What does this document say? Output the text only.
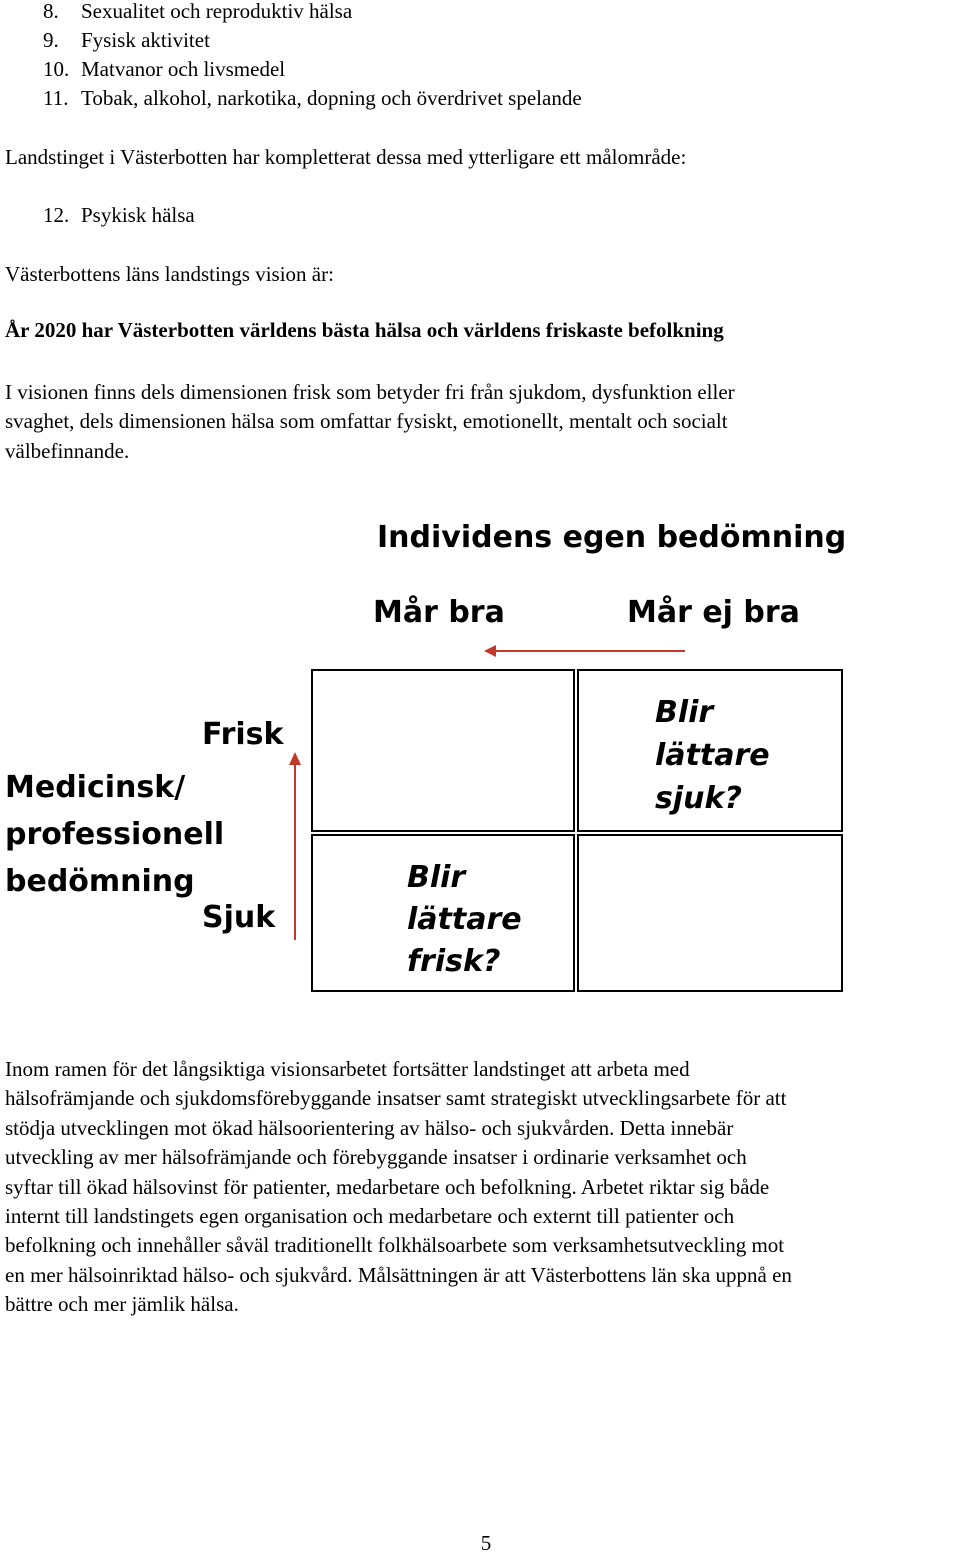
8. Sexualitet och reproduktiv hälsa
9. Fysisk aktivitet
10. Matvanor och livsmedel
11. Tobak, alkohol, narkotika, dopning och överdrivet spelande
Landstinget i Västerbotten har kompletterat dessa med ytterligare ett målområde:
12. Psykisk hälsa
Västerbottens läns landstings vision är:
År 2020 har Västerbotten världens bästa hälsa och världens friskaste befolkning
I visionen finns dels dimensionen frisk som betyder fri från sjukdom, dysfunktion eller
svaghet, dels dimensionen hälsa som omfattar fysiskt, emotionellt, mentalt och socialt
välbefinnande.
Individens egen bedömning
Mår bra	Mår ej bra
Frisk
Sjuk
Medicinsk/
professionell
bedömning
Blir
lättare
sjuk?
Blir
lättare
frisk?
Inom ramen för det långsiktiga visionsarbetet fortsätter landstinget att arbeta med
hälsofrämjande och sjukdomsförebyggande insatser samt strategiskt utvecklingsarbete för att
stödja utvecklingen mot ökad hälsoorientering av hälso- och sjukvården. Detta innebär
utveckling av mer hälsofrämjande och förebyggande insatser i ordinarie verksamhet och
syftar till ökad hälsovinst för patienter, medarbetare och befolkning. Arbetet riktar sig både
internt till landstingets egen organisation och medarbetare och externt till patienter och
befolkning och innehåller såväl traditionellt folkhälsoarbete som verksamhetsutveckling mot
en mer hälsoinriktad hälso- och sjukvård. Målsättningen är att Västerbottens län ska uppnå en
bättre och mer jämlik hälsa.
5
